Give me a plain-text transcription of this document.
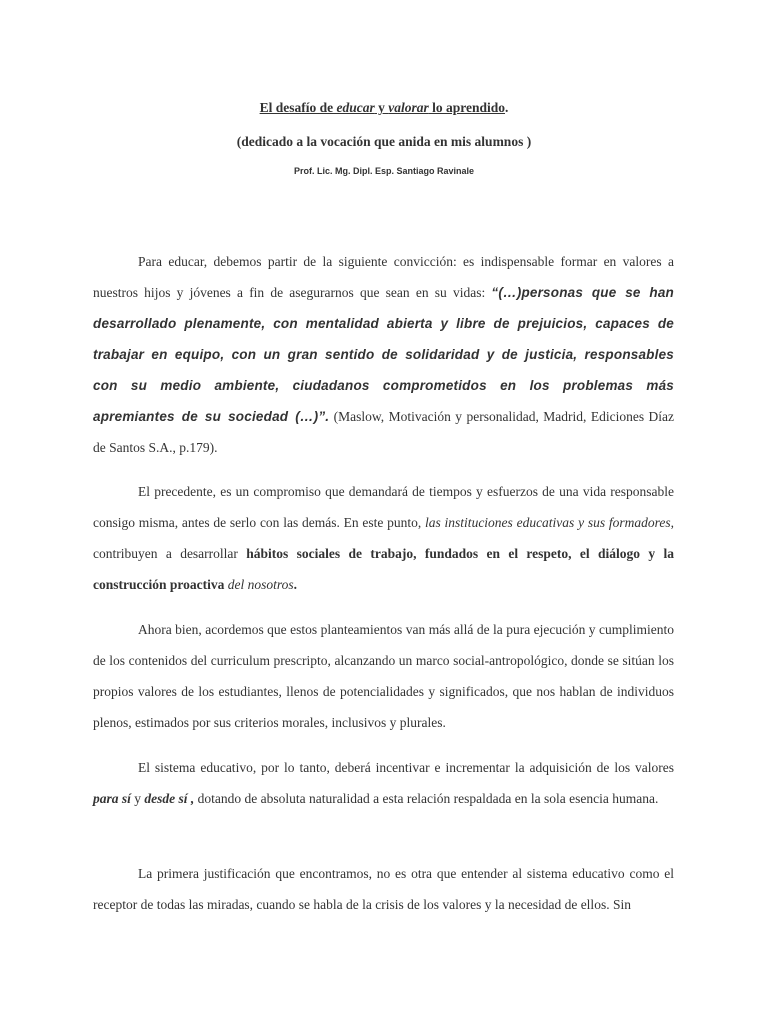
El desafío de educar y valorar lo aprendido.

(dedicado a la vocación que anida en mis alumnos )

Prof. Lic. Mg. Dipl. Esp. Santiago Ravinale

Para educar, debemos partir de la siguiente convicción: es indispensable formar en valores a nuestros hijos y jóvenes a fin de asegurarnos que sean en su vidas: “(…)personas que se han desarrollado plenamente, con mentalidad abierta y libre de prejuicios, capaces de trabajar en equipo, con un gran sentido de solidaridad y de justicia, responsables con su medio ambiente, ciudadanos comprometidos en los problemas más apremiantes de su sociedad (…)”. (Maslow, Motivación y personalidad, Madrid, Ediciones Díaz de Santos S.A., p.179).

El precedente, es un compromiso que demandará de tiempos y esfuerzos de una vida responsable consigo misma, antes de serlo con las demás. En este punto, las instituciones educativas y sus formadores, contribuyen a desarrollar hábitos sociales de trabajo, fundados en el respeto, el diálogo y la construcción proactiva del nosotros.

Ahora bien, acordemos que estos planteamientos van más allá de la pura ejecución y cumplimiento de los contenidos del curriculum prescripto, alcanzando un marco social-antropológico, donde se sitúan los propios valores de los estudiantes, llenos de potencialidades y significados, que nos hablan de individuos plenos, estimados por sus criterios morales, inclusivos y plurales.

El sistema educativo, por lo tanto, deberá incentivar e incrementar la adquisición de los valores para sí y desde sí , dotando de absoluta naturalidad a esta relación respaldada en la sola esencia humana.

La primera justificación que encontramos, no es otra que entender al sistema educativo como el receptor de todas las miradas, cuando se habla de la crisis de los valores y la necesidad de ellos. Sin
